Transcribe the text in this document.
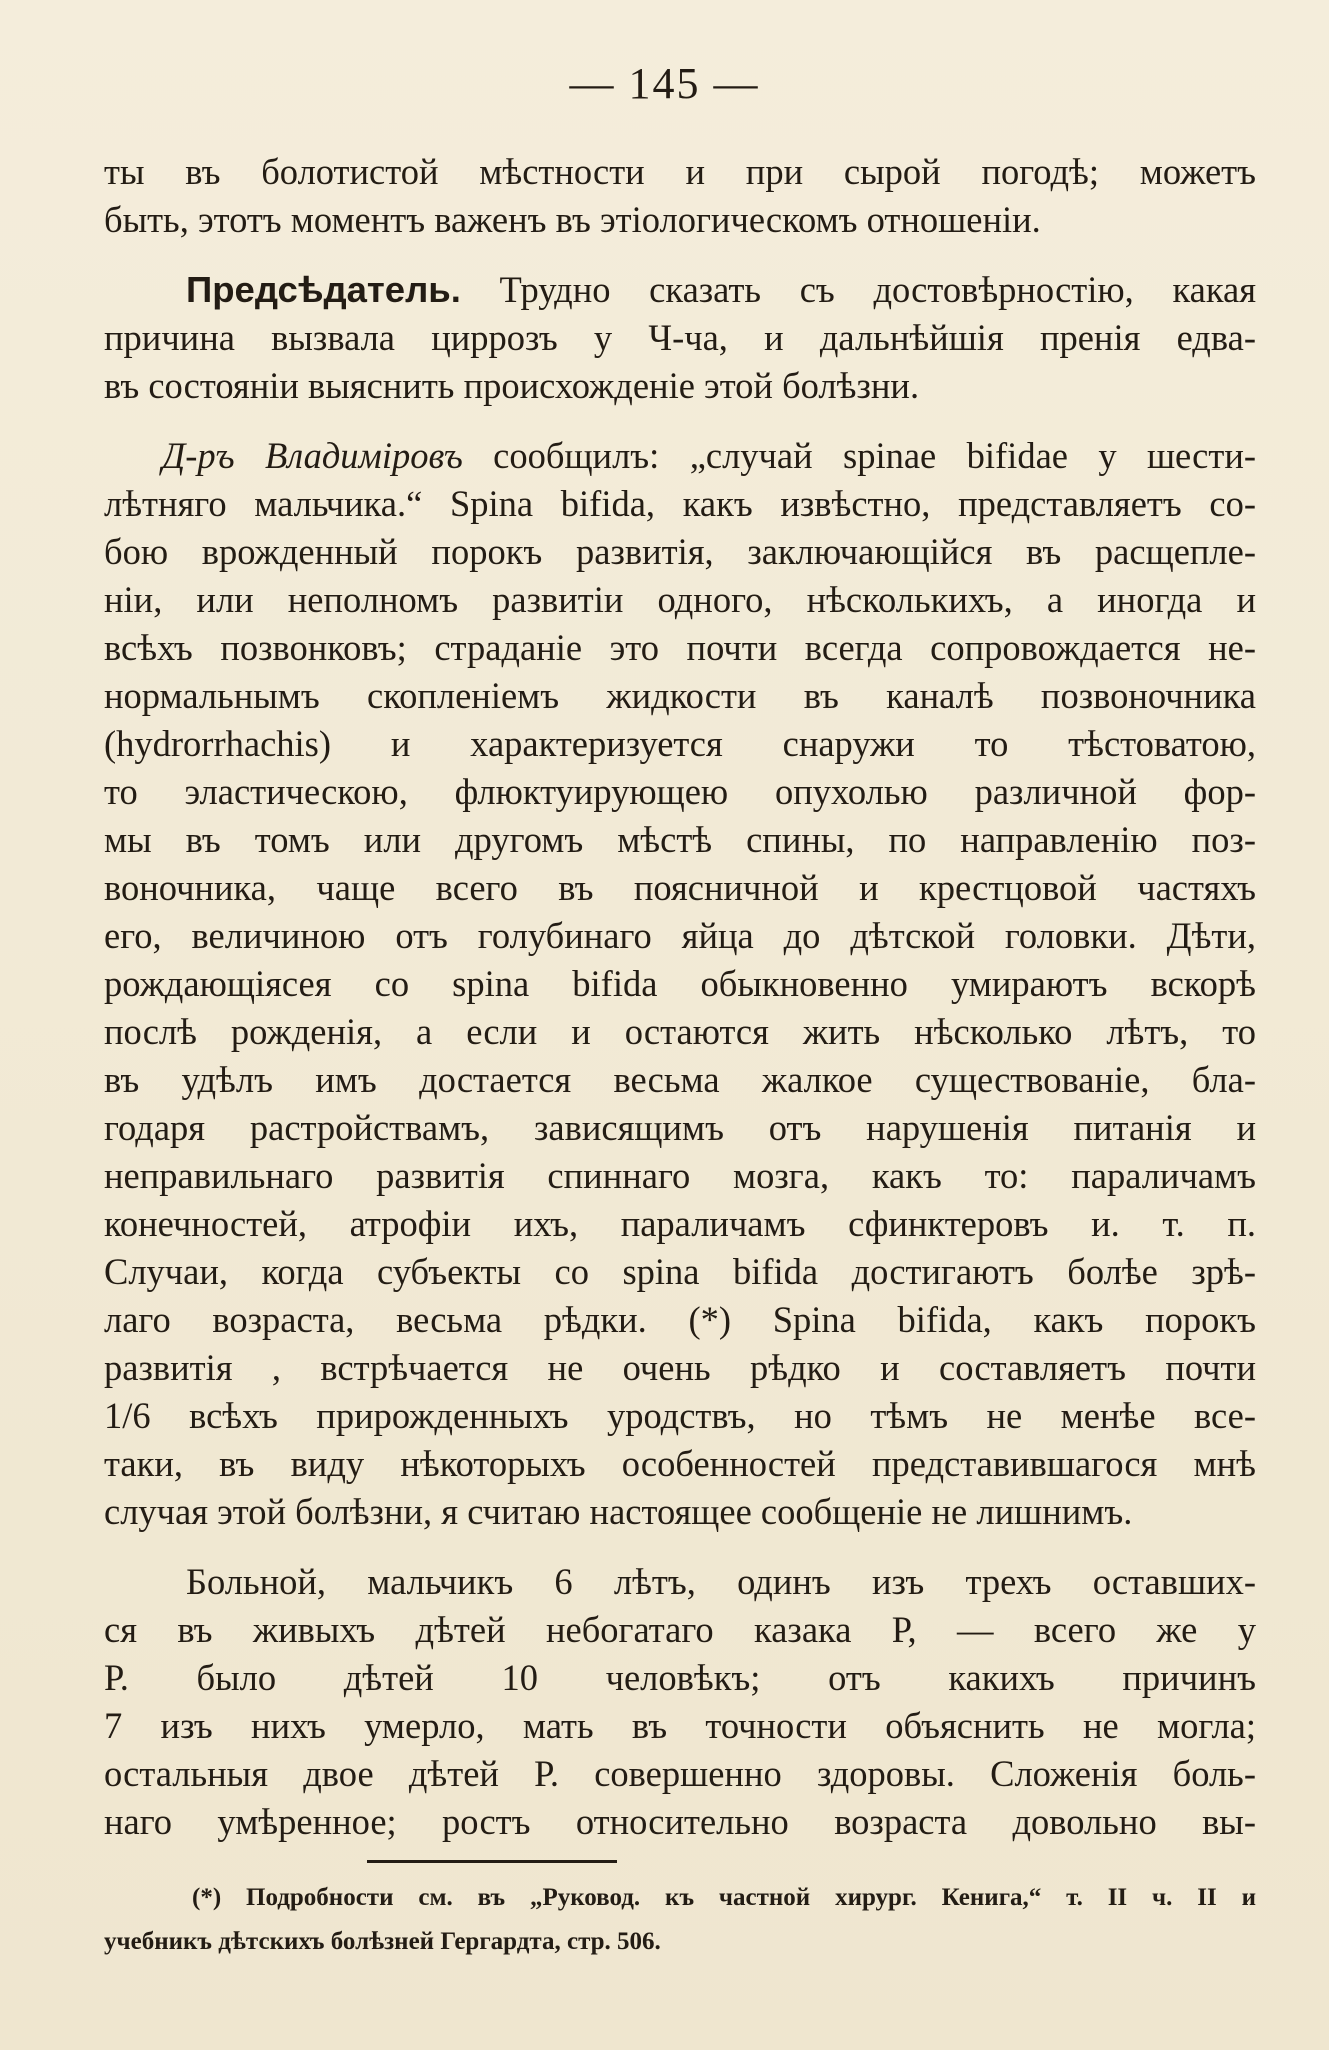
— 145 —
ты въ болотистой мѣстности и при сырой погодѣ; можетъ
быть, этотъ моментъ важенъ въ этіологическомъ отношеніи.
Предсѣдатель. Трудно сказать съ достовѣрностію, какая
причина вызвала циррозъ у Ч-ча, и дальнѣйшія пренія едва-
въ состояніи выяснить происхожденіе этой болѣзни.
Д-ръ Владиміровъ сообщилъ: „случай spinae bifidae у шести-
лѣтняго мальчика.“ Spina bifida, какъ извѣстно, представляетъ со-
бою врожденный порокъ развитія, заключающійся въ расщепле-
ніи, или неполномъ развитіи одного, нѣсколькихъ, а иногда и
всѣхъ позвонковъ; страданіе это почти всегда сопровождается не-
нормальнымъ скопленіемъ жидкости въ каналѣ позвоночника
(hydrorrhachis) и характеризуется снаружи то тѣстоватою,
то эластическою, флюктуирующею опухолью различной фор-
мы въ томъ или другомъ мѣстѣ спины, по направленію поз-
воночника, чаще всего въ поясничной и крестцовой частяхъ
его, величиною отъ голубинаго яйца до дѣтской головки. Дѣти,
рождающіясея со spina bifida обыкновенно умираютъ вскорѣ
послѣ рожденія, а если и остаются жить нѣсколько лѣтъ, то
въ удѣлъ имъ достается весьма жалкое существованіе, бла-
годаря растройствамъ, зависящимъ отъ нарушенія питанія и
неправильнаго развитія спиннаго мозга, какъ то: параличамъ
конечностей, атрофіи ихъ, параличамъ сфинктеровъ и. т. п.
Случаи, когда субъекты со spina bifida достигаютъ болѣе зрѣ-
лаго возраста, весьма рѣдки. (*) Spina bifida, какъ порокъ
развитія , встрѣчается не очень рѣдко и составляетъ почти
1/6 всѣхъ прирожденныхъ уродствъ, но тѣмъ не менѣе все-
таки, въ виду нѣкоторыхъ особенностей представившагося мнѣ
случая этой болѣзни, я считаю настоящее сообщеніе не лишнимъ.
Больной, мальчикъ 6 лѣтъ, одинъ изъ трехъ оставших-
ся въ живыхъ дѣтей небогатаго казака Р, — всего же у
Р. было дѣтей 10 человѣкъ; отъ какихъ причинъ
7 изъ нихъ умерло, мать въ точности объяснить не могла;
остальныя двое дѣтей Р. совершенно здоровы. Сложенія боль-
наго умѣренное; ростъ относительно возраста довольно вы-
(*) Подробности см. въ „Руковод. къ частной хирург. Кенига,“ т. II ч. II и
учебникъ дѣтскихъ болѣзней Гергардта, стр. 506.
